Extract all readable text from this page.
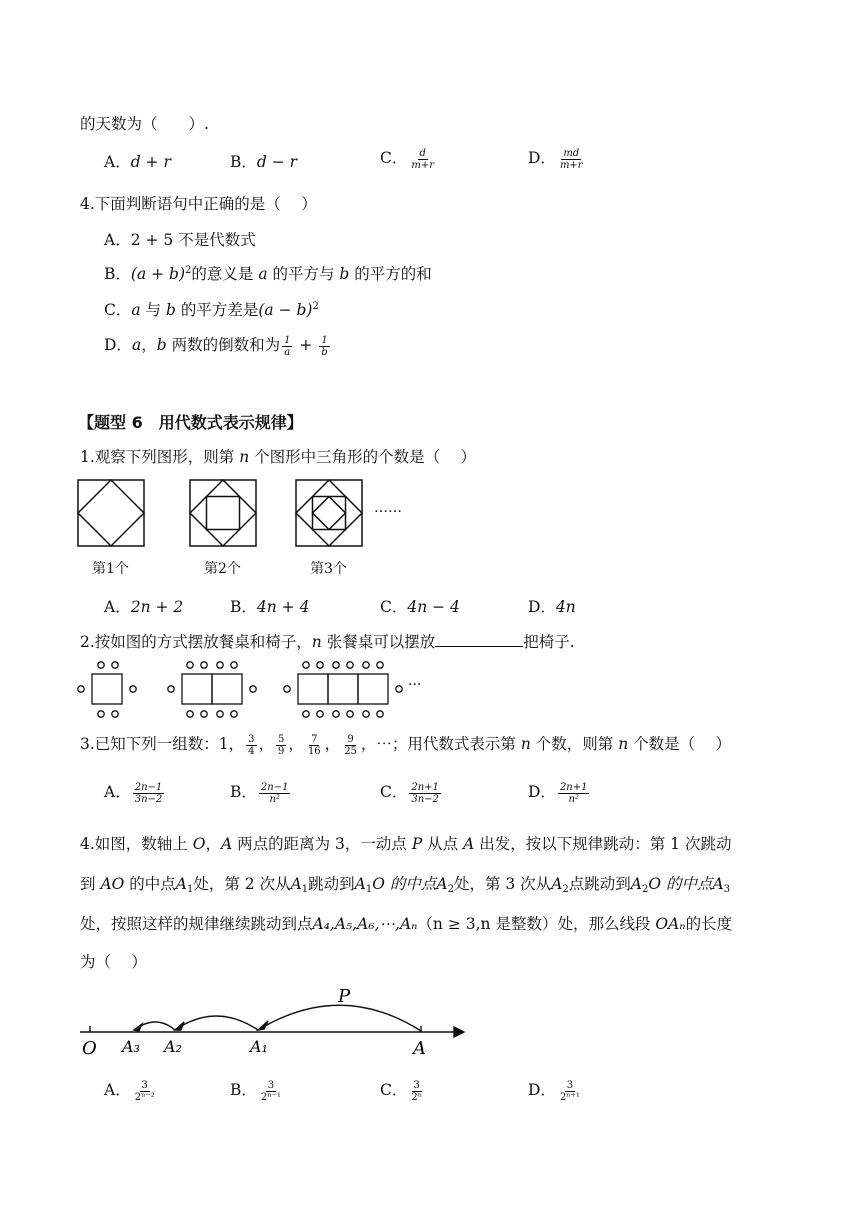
的天数为（　　）.
A．d + r	B．d − r	C． $\frac{d}{m+r}$	D． $\frac{md}{m+r}$
4.下面判断语句中正确的是（　 ）
A．2 + 5 不是代数式
B．$(a + b)^2$的意义是 a 的平方与 b 的平方的和
C．a 与 b 的平方差是$(a - b)^2$
D．a，b 两数的倒数和为 $\frac{1}{a} + \frac{1}{b}$
【题型 6　用代数式表示规律】
1.观察下列图形，则第 n 个图形中三角形的个数是（　 ）
……
第1个	第2个	第3个
A．2n + 2	B．4n + 4	C．4n − 4	D．4n
2.按如图的方式摆放餐桌和椅子，n 张餐桌可以摆放	把椅子.
···
3.已知下列一组数：1， $\frac{3}{4}$ ， $\frac{5}{9}$ ， $\frac{7}{16}$ ， $\frac{9}{25}$ ，⋯；用代数式表示第 n 个数，则第 n 个数是（　 ）
A． $\frac{2n-1}{3n-2}$	B． $\frac{2n-1}{\text{n²}}$	C． $\frac{2n+1}{3n-2}$	D． $\frac{2n+1}{\text{n²}}$
4.如图，数轴上 O，A 两点的距离为 3，一动点 P 从点 A 出发，按以下规律跳动：第 1 次跳动
到 AO 的中点$A_1$处，第 2 次从$A_1$跳动到$A_1O$ 的中点$A_2$处，第 3 次从$A_2$点跳动到$A_2O$ 的中点$A_3$
处，按照这样的规律继续跳动到点A₄,A₅,A₆,⋯,Aₙ（n ≥ 3,n 是整数）处，那么线段 OAₙ的长度
为（　 ）
P
O A₃ A₂	A₁	A
A． $\frac{3}{\text{2ⁿ⁻²}}$	B． $\frac{3}{\text{2ⁿ⁻¹}}$	C． $\frac{3}{\text{2ⁿ}}$	D． $\frac{3}{\text{2ⁿ⁺¹}}$
